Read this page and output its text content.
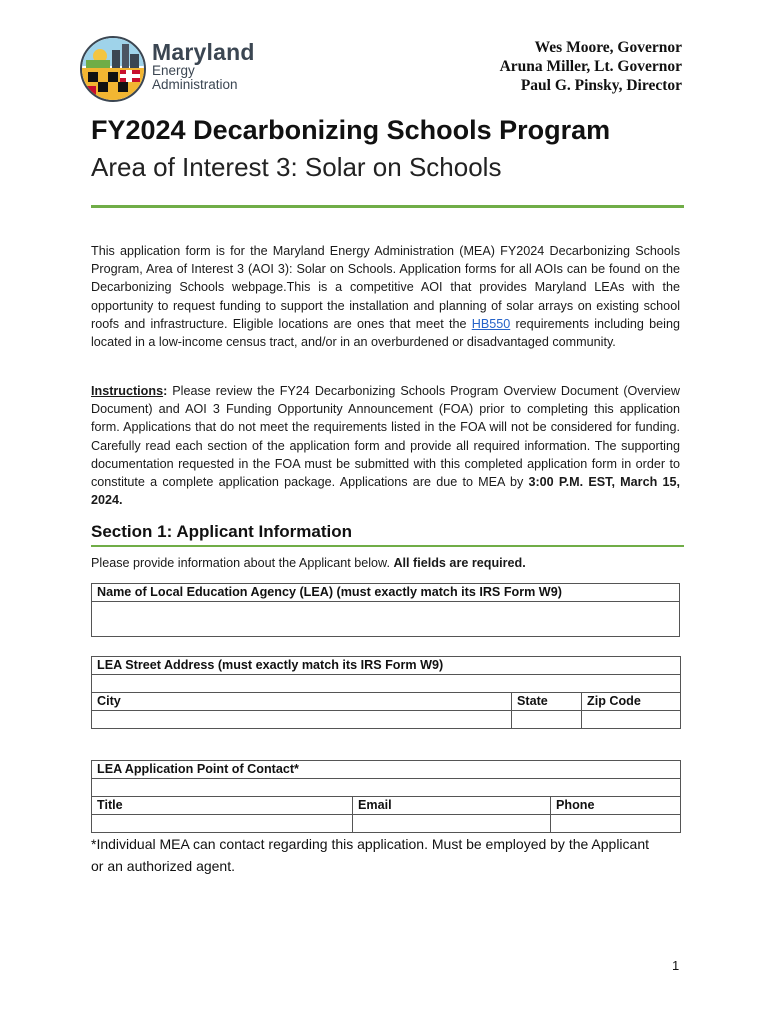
Maryland
Energy
Administration
Wes Moore, Governor
Aruna Miller, Lt. Governor
Paul G. Pinsky, Director
FY2024 Decarbonizing Schools Program
Area of Interest 3: Solar on Schools
This application form is for the Maryland Energy Administration (MEA) FY2024 Decarbonizing Schools Program, Area of Interest 3 (AOI 3): Solar on Schools. Application forms for all AOIs can be found on the Decarbonizing Schools webpage.This is a competitive AOI that provides Maryland LEAs with the opportunity to request funding to support the installation and planning of solar arrays on existing school roofs and infrastructure. Eligible locations are ones that meet the HB550 requirements including being located in a low-income census tract, and/or in an overburdened or disadvantaged community.
Instructions: Please review the FY24 Decarbonizing Schools Program Overview Document (Overview Document) and AOI 3 Funding Opportunity Announcement (FOA) prior to completing this application form. Applications that do not meet the requirements listed in the FOA will not be considered for funding. Carefully read each section of the application form and provide all required information. The supporting documentation requested in the FOA must be submitted with this completed application form in order to constitute a complete application package. Applications are due to MEA by 3:00 P.M. EST, March 15, 2024.
Section 1: Applicant Information
Please provide information about the Applicant below. All fields are required.
Name of Local Education Agency (LEA) (must exactly match its IRS Form W9)

LEA Street Address (must exactly match its IRS Form W9)		

City	State	Zip Code

LEA Application Point of Contact*		

Title	Email	Phone

*Individual MEA can contact regarding this application. Must be employed by the Applicant or an authorized agent.
1
